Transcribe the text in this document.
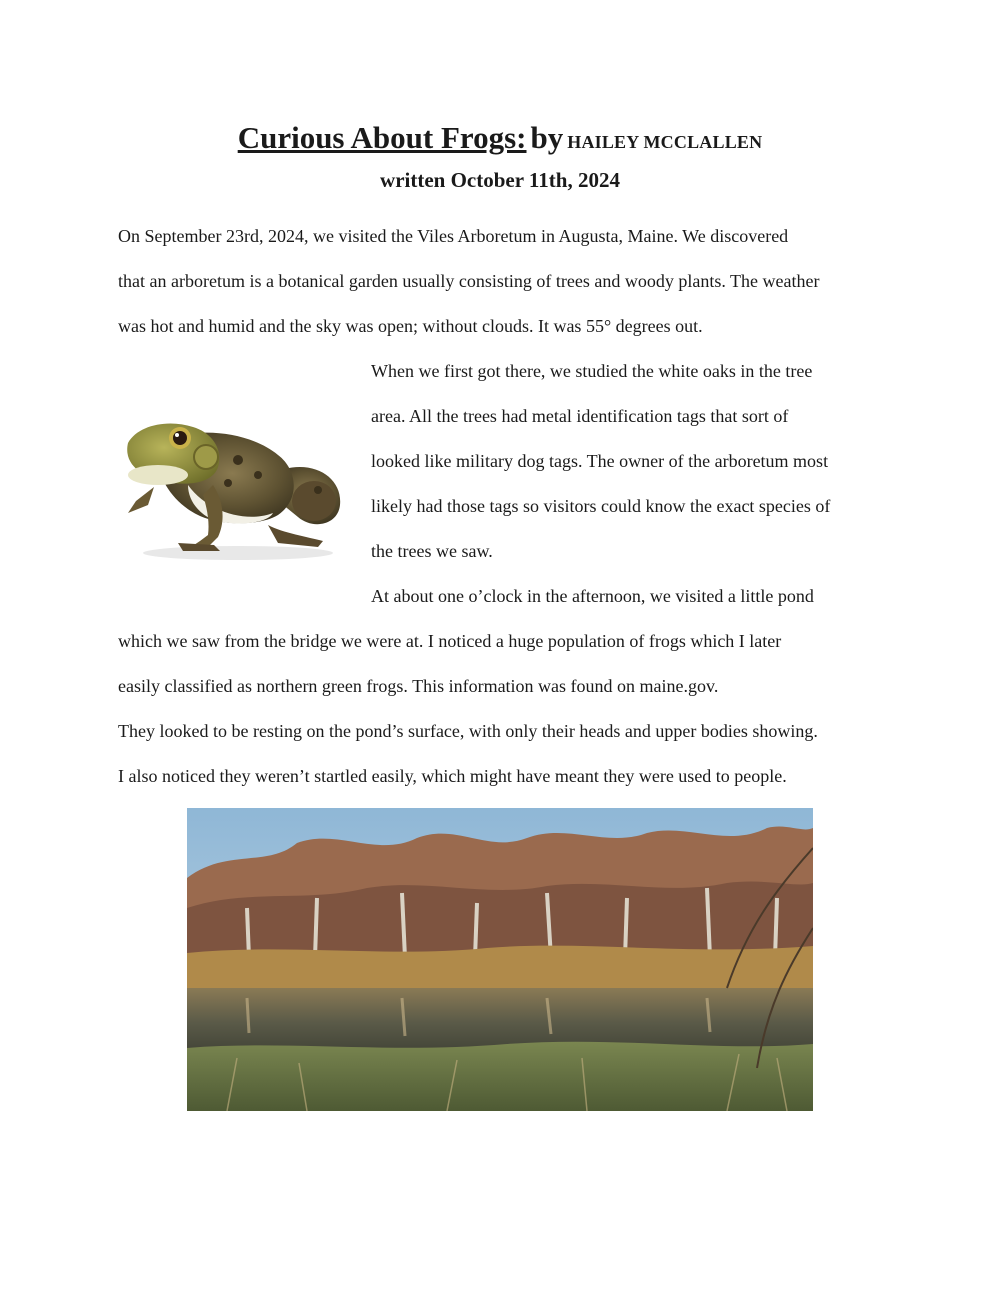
Curious About Frogs: by HAILEY MCCLALLEN
written October 11th, 2024
On September 23rd, 2024, we visited the Viles Arboretum in Augusta, Maine. We discovered
that an arboretum is a botanical garden usually consisting of trees and woody plants. The weather
was hot and humid and the sky was open; without clouds. It was 55° degrees out.
When we first got there, we studied the white oaks in the tree
area. All the trees had metal identification tags that sort of
looked like military dog tags. The owner of the arboretum most
likely had those tags so visitors could know the exact species of
the trees we saw.
At about one o’clock in the afternoon, we visited a little pond
which we saw from the bridge we were at. I noticed a huge population of frogs which I later
easily classified as northern green frogs. This information was found on maine.gov.
They looked to be resting on the pond’s surface, with only their heads and upper bodies showing.
I also noticed they weren’t startled easily, which might have meant they were used to people.
